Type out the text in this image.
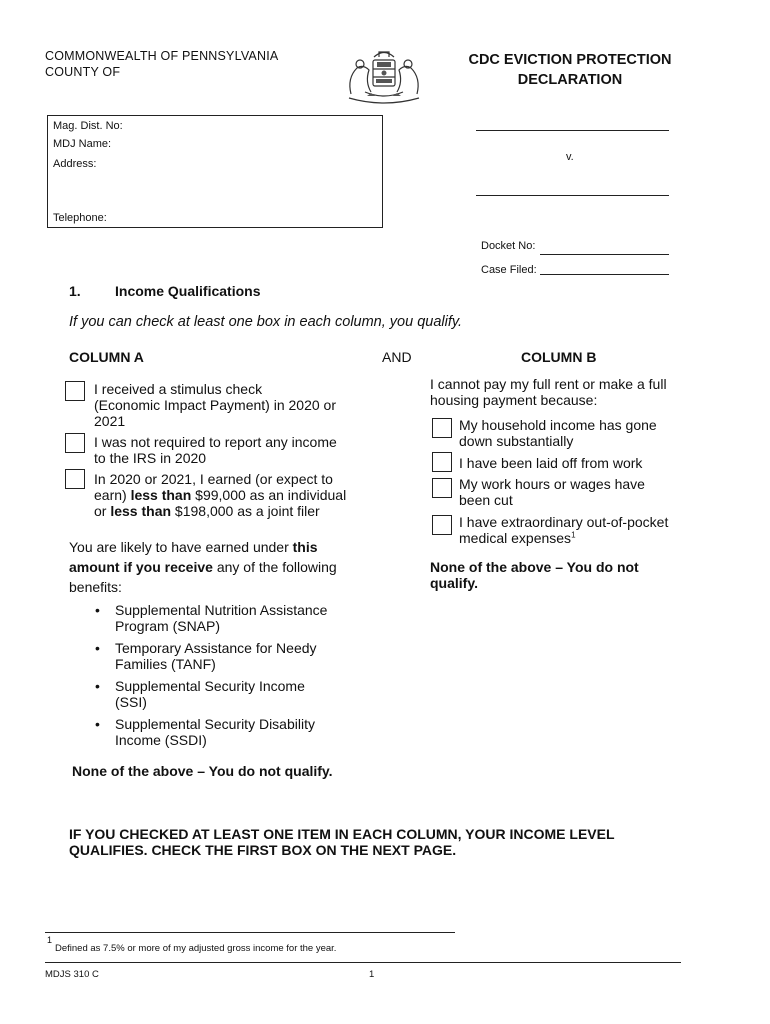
COMMONWEALTH OF PENNSYLVANIA
COUNTY OF
CDC EVICTION PROTECTION
DECLARATION
Mag. Dist. No:
MDJ Name:
Address:
Telephone:
v.
Docket No:
Case Filed:
1. Income Qualifications
If you can check at least one box in each column, you qualify.
COLUMN A	AND
I received a stimulus check
(Economic Impact Payment) in 2020 or
2021
I was not required to report any income
to the IRS in 2020
In 2020 or 2021, I earned (or expect to
earn) less than $99,000 as an individual
or less than $198,000 as a joint filer
You are likely to have earned under this
amount if you receive any of the following
benefits:
• Supplemental Nutrition Assistance
Program (SNAP)
• Temporary Assistance for Needy
Families (TANF)
• Supplemental Security Income
(SSI)
• Supplemental Security Disability
Income (SSDI)
None of the above – You do not qualify.
COLUMN B
I cannot pay my full rent or make a full
housing payment because:
My household income has gone
down substantially
I have been laid off from work
My work hours or wages have
been cut
I have extraordinary out-of-pocket
medical expenses$^1$
None of the above – You do not
qualify.
IF YOU CHECKED AT LEAST ONE ITEM IN EACH COLUMN, YOUR INCOME LEVEL
QUALIFIES. CHECK THE FIRST BOX ON THE NEXT PAGE.
1
Defined as 7.5% or more of my adjusted gross income for the year.
MDJS 310 C	1
